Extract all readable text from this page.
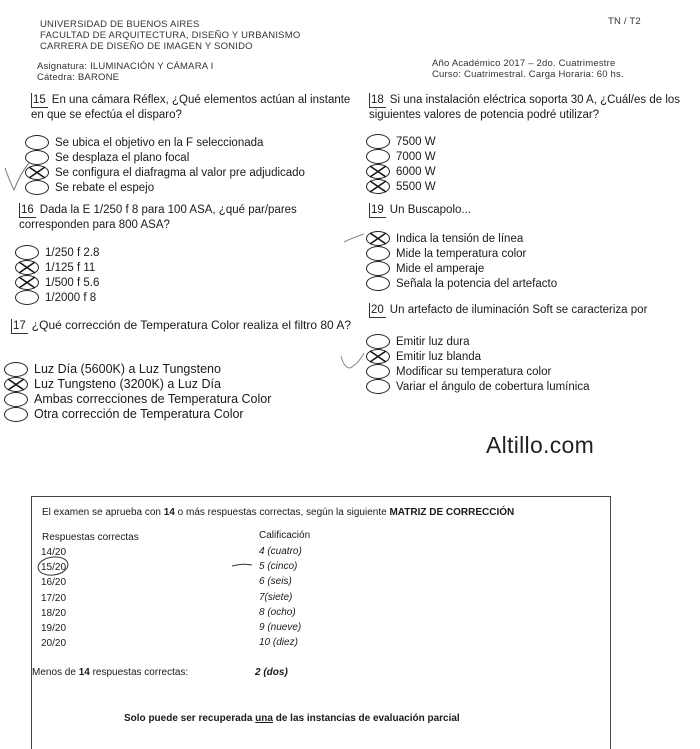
UNIVERSIDAD DE BUENOS AIRES
FACULTAD DE ARQUITECTURA, DISEÑO Y URBANISMO
CARRERA DE DISEÑO DE IMAGEN Y SONIDO
TN / T2
Asignatura: ILUMINACIÓN Y CÁMARA I
Cátedra: BARONE
Año Académico 2017 – 2do. Cuatrimestre
Curso: Cuatrimestral. Carga Horaria: 60 hs.
15 En una cámara Réflex, ¿Qué elementos actúan al instante en que se efectúa el disparo?
Se ubica el objetivo en la F seleccionada
Se desplaza el plano focal
Se configura el diafragma al valor pre adjudicado
Se rebate el espejo
16 Dada la E 1/250 f 8 para 100 ASA, ¿qué par/pares corresponden para 800 ASA?
1/250 f 2.8
1/125 f 11
1/500 f 5.6
1/2000 f 8
17 ¿Qué corrección de Temperatura Color realiza el filtro 80 A?
Luz Día (5600K) a Luz Tungsteno
Luz Tungsteno (3200K) a Luz Día
Ambas correcciones de Temperatura Color
Otra corrección de Temperatura Color
18 Si una instalación eléctrica soporta 30 A, ¿Cuál/es de los siguientes valores de potencia podré utilizar?
7500 W
7000 W
6000 W
5500 W
19 Un Buscapolo...
Indica la tensión de línea
Mide la temperatura color
Mide el amperaje
Señala la potencia del artefacto
20 Un artefacto de iluminación Soft se caracteriza por
Emitir luz dura
Emitir luz blanda
Modificar su temperatura color
Variar el ángulo de cobertura lumínica
Altillo.com
El examen se aprueba con 14 o más respuestas correctas, según la siguiente MATRIZ DE CORRECCIÓN
Respuestas correctas	Calificación
14/20
15/20
16/20
17/20
18/20
19/20
20/20
4 (cuatro)
5 (cinco)
6 (seis)
7(siete)
8 (ocho)
9 (nueve)
10 (diez)
Menos de 14 respuestas correctas:	2 (dos)
Solo puede ser recuperada una de las instancias de evaluación parcial
